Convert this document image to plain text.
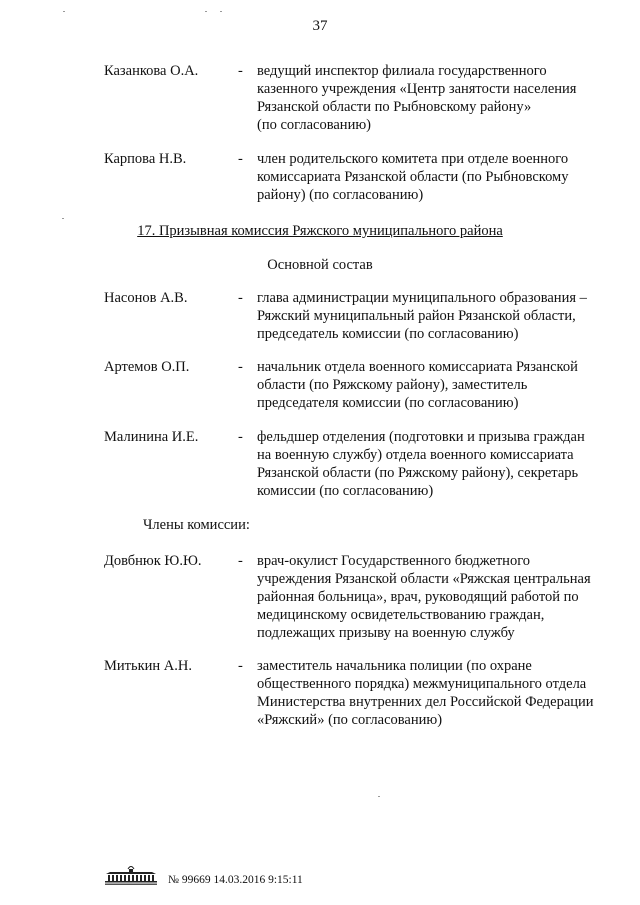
37
Казанкова О.А.	- ведущий инспектор филиала государственного
казенного учреждения «Центр занятости населения
Рязанской области по Рыбновскому району»
(по согласованию)
Карпова Н.В.	- член родительского комитета при отделе военного
комиссариата Рязанской области (по Рыбновскому
району) (по согласованию)
17. Призывная комиссия Ряжского муниципального района
Основной состав
Насонов А.В.	- глава администрации муниципального образования –
Ряжский муниципальный район Рязанской области,
председатель комиссии (по согласованию)
Артемов О.П.	- начальник отдела военного комиссариата Рязанской
области (по Ряжскому району), заместитель
председателя комиссии (по согласованию)
Малинина И.Е.	- фельдшер отделения (подготовки и призыва граждан
на военную службу) отдела военного комиссариата
Рязанской области (по Ряжскому району), секретарь
комиссии (по согласованию)
Члены комиссии:
Довбнюк Ю.Ю.	- врач-окулист Государственного бюджетного
учреждения Рязанской области «Ряжская центральная
районная больница», врач, руководящий работой по
медицинскому освидетельствованию граждан,
подлежащих призыву на военную службу
Митькин А.Н.	- заместитель начальника полиции (по охране
общественного порядка) межмуниципального отдела
Министерства внутренних дел Российской Федерации
«Ряжский» (по согласованию)
№ 99669 14.03.2016 9:15:11
